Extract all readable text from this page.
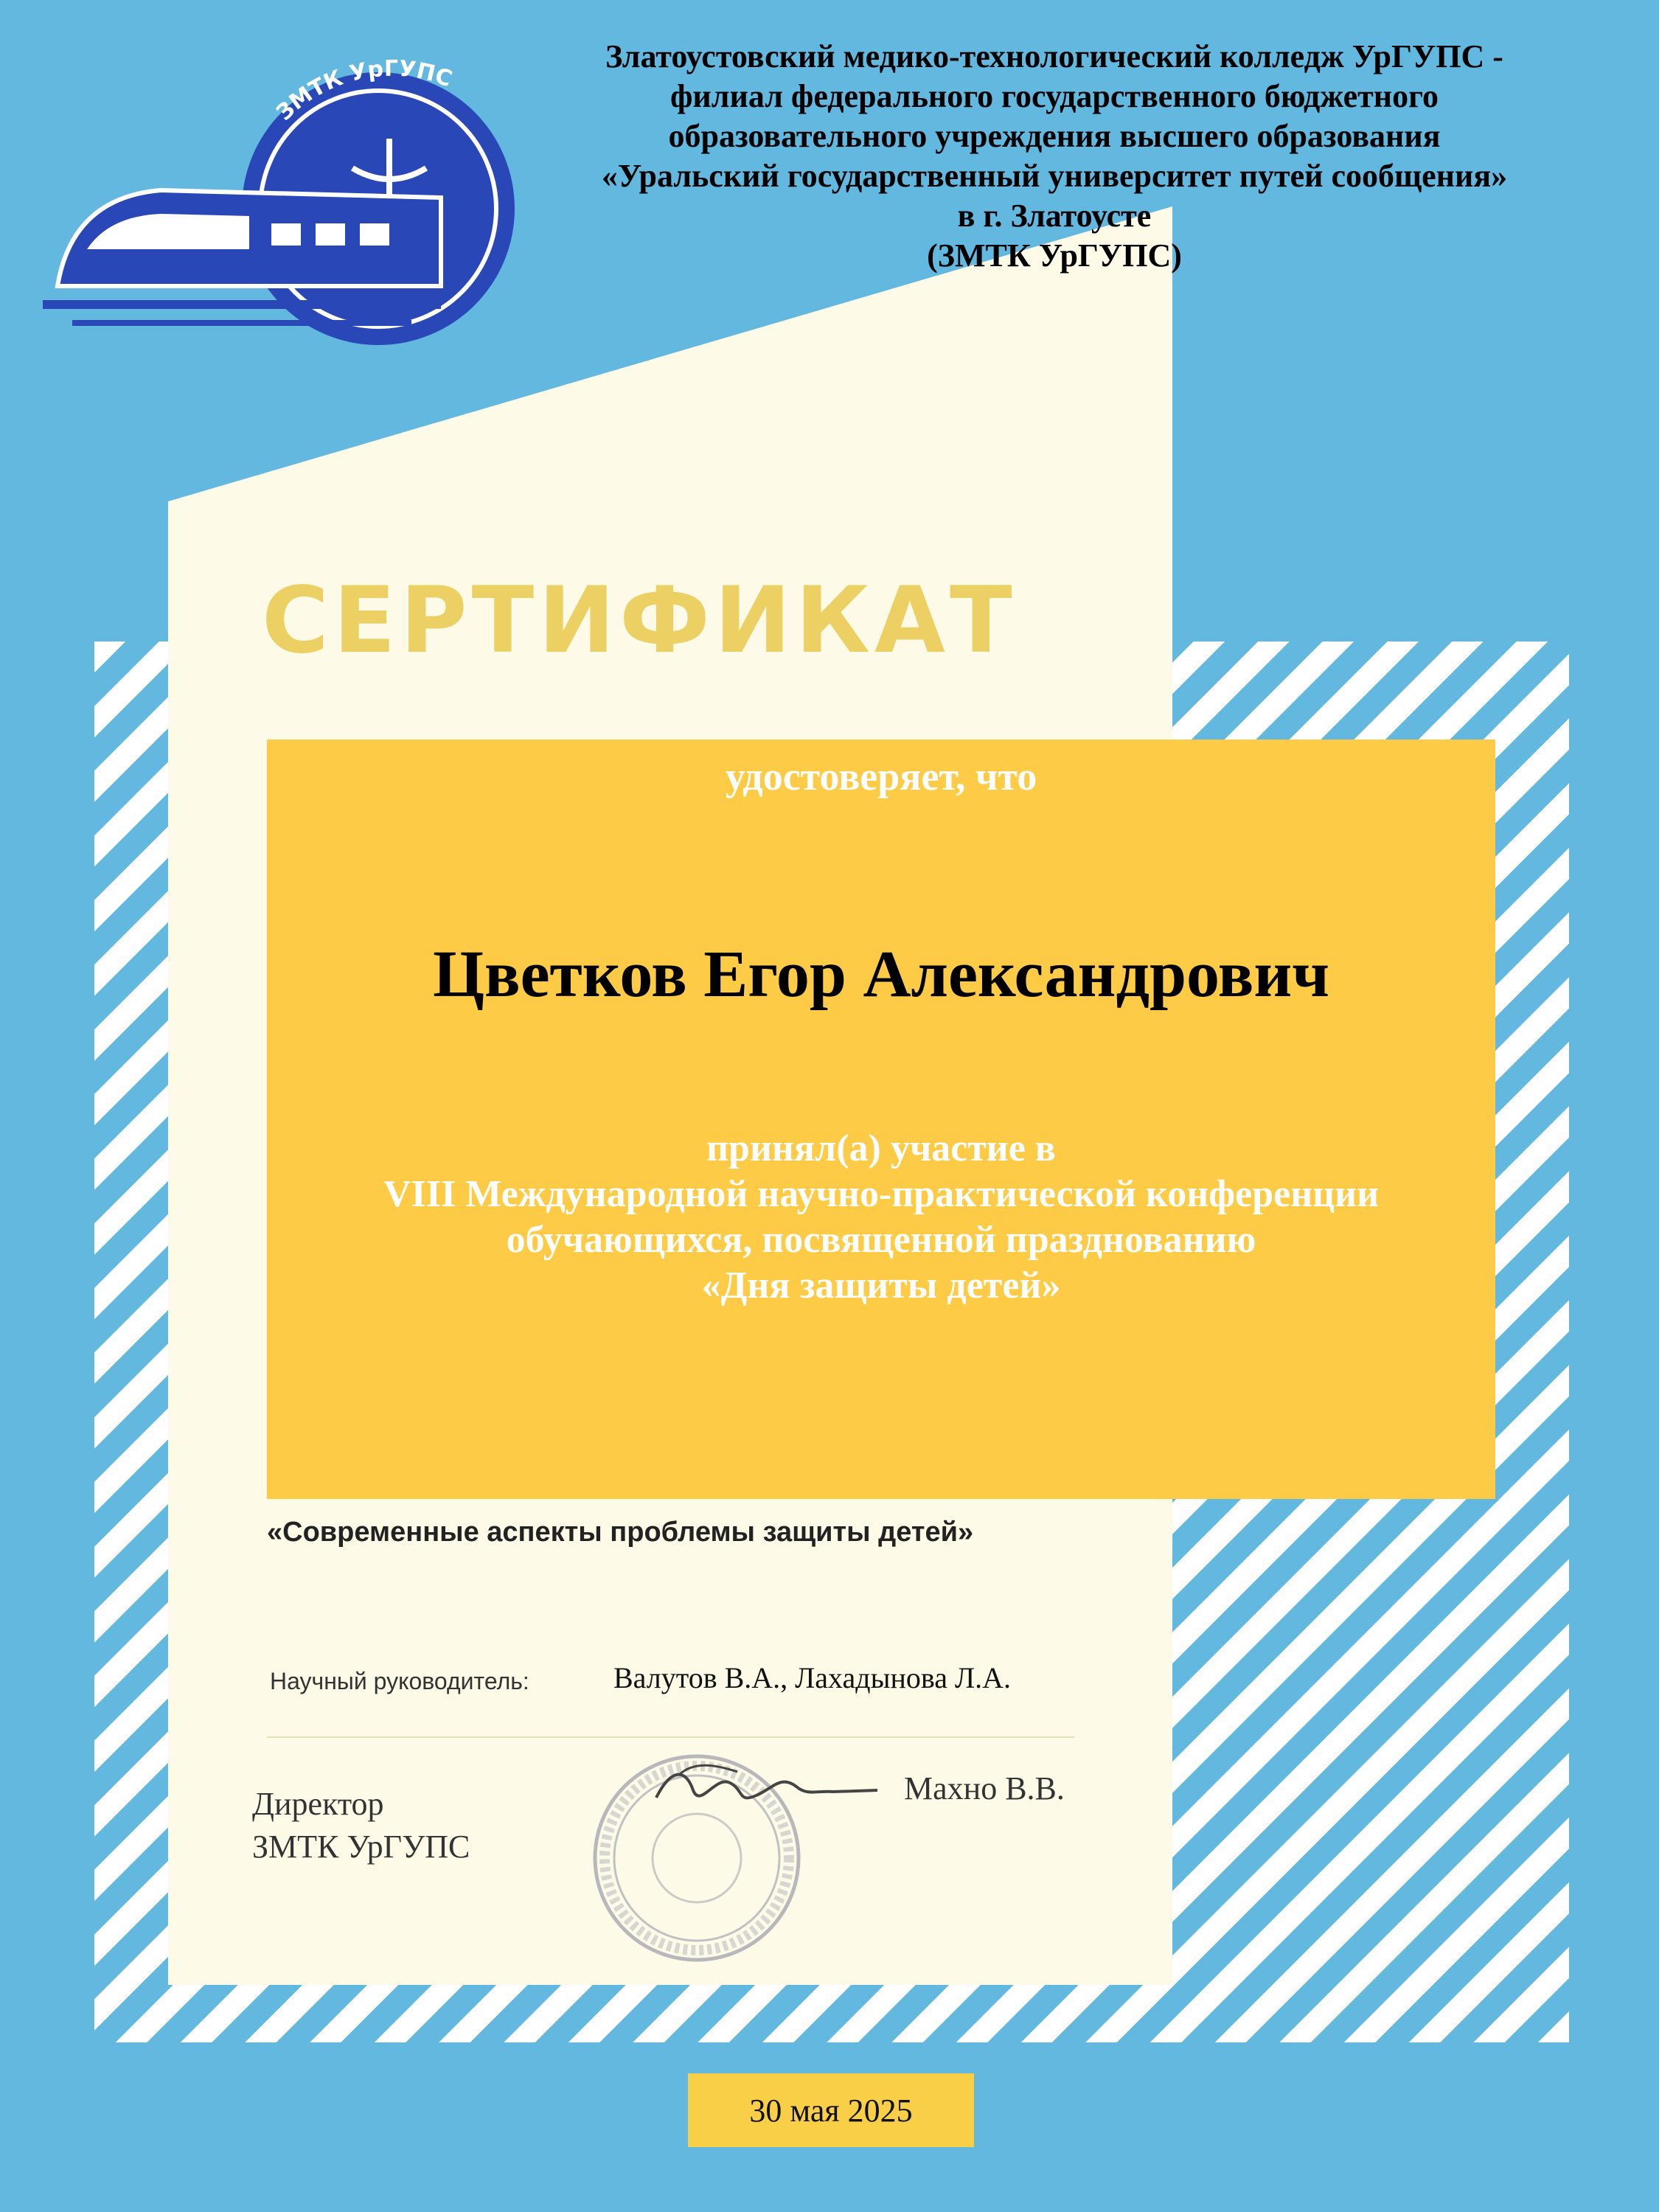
ЗМТК УрГУПС
Златоустовский медико-технологический колледж УрГУПС -
филиал федерального государственного бюджетного
образовательного учреждения высшего образования
«Уральский государственный университет путей сообщения»
в г. Златоусте
(ЗМТК УрГУПС)
СЕРТИФИКАТ
удостоверяет, что
Цветков Егор Александрович
принял(а) участие в
VIII Международной научно-практической конференции
обучающихся, посвященной празднованию
«Дня защиты детей»
«Современные аспекты проблемы защиты детей»
Научный руководитель:	Валутов В.А., Лахадынова Л.А.
Директор
ЗМТК УрГУПС
Махно В.В.
30 мая 2025
